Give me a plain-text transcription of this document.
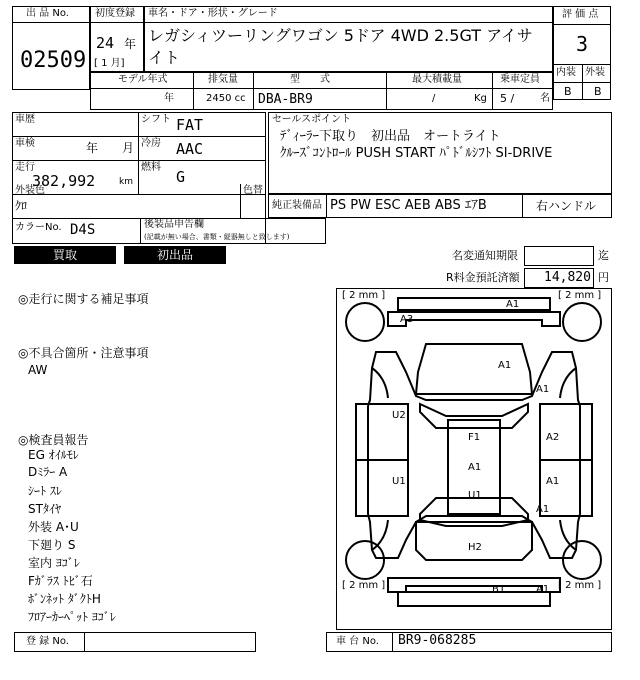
出 品 No.
02509
初度登録
24 年
[ 1 月]
車名・ドア・形状・グレード
レガシィツーリングワゴン 5ドア 4WD 2.5GT アイサ
イト
評 価 点
3
内装 外装
B B
モデル年式
年
排気量
2450 cc
型　　式
DBA-BR9
最大積載量
/	Kg
乗車定員
5 /	名
車歴	シフト FAT
車検	年 月 冷房 AAC
走行
382,992	km
燃料
G
外装色
ｸﾛ
色替
カラーNo. D4S	後装品申告欄
(記載が無い場合、書類・縦器無しと致します)
セールスポイント
ﾃﾞｨｰﾗｰ下取り　初出品　オートライト
ｸﾙｰｽﾞｺﾝﾄﾛｰﾙ PUSH START ﾊﾟﾄﾞﾙｼﾌﾄ SI-DRIVE
純正装備品 PS PW ESC AEB ABS ｴｱB	右ハンドル
買取	初出品	名変通知期限	迄
R料金預託済額 14,820 円
◎走行に関する補足事項
◎不具合箇所・注意事項
AW
◎検査員報告
EG ｵｲﾙﾓﾚ
Dﾐﾗｰ A
ｼｰﾄ ｽﾚ
STﾀｲﾔ
外装 A･U
下廻り S
室内 ﾖｺﾞﾚ
Fｶﾞﾗｽ ﾄﾋﾞ石
ﾎﾞﾝﾈｯﾄ ﾀﾞｸﾄH
ﾌﾛｱｰｶｰﾍﾟｯﾄ ﾖｺﾞﾚ
[ 2 mm ]	[ 2 mm ]
[ 2 mm ]	[ 2 mm ]
A1
A3
A1
A1
U2
F1	A2
A1
U1	A1
U1
A1
H2
B1	A1
登 録 No.	車 台 No. BR9-068285
